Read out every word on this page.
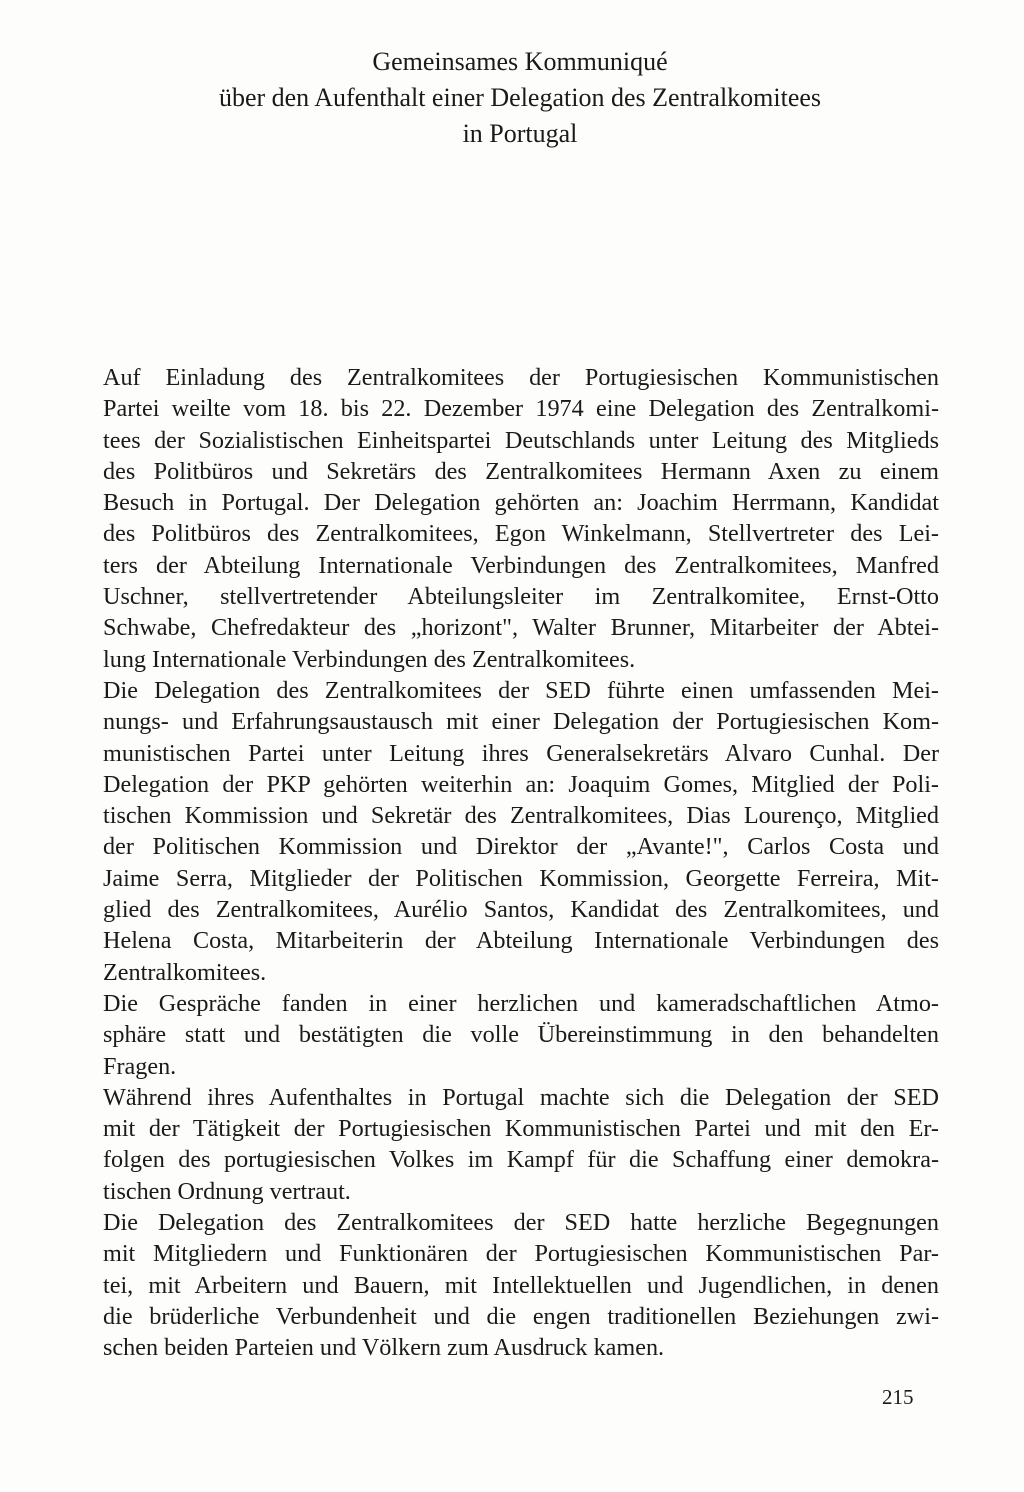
Gemeinsames Kommuniqué

über den Aufenthalt einer Delegation des Zentralkomitees

in Portugal

Auf Einladung des Zentralkomitees der Portugiesischen Kommunistischen
Partei weilte vom 18. bis 22. Dezember 1974 eine Delegation des Zentralkomi-
tees der Sozialistischen Einheitspartei Deutschlands unter Leitung des Mitglieds
des Politbüros und Sekretärs des Zentralkomitees Hermann Axen zu einem
Besuch in Portugal. Der Delegation gehörten an: Joachim Herrmann, Kandidat
des Politbüros des Zentralkomitees, Egon Winkelmann, Stellvertreter des Lei-
ters der Abteilung Internationale Verbindungen des Zentralkomitees, Manfred
Uschner, stellvertretender Abteilungsleiter im Zentralkomitee, Ernst-Otto
Schwabe, Chefredakteur des „horizont", Walter Brunner, Mitarbeiter der Abtei-
lung Internationale Verbindungen des Zentralkomitees.

Die Delegation des Zentralkomitees der SED führte einen umfassenden Mei-
nungs- und Erfahrungsaustausch mit einer Delegation der Portugiesischen Kom-
munistischen Partei unter Leitung ihres Generalsekretärs Alvaro Cunhal. Der
Delegation der PKP gehörten weiterhin an: Joaquim Gomes, Mitglied der Poli-
tischen Kommission und Sekretär des Zentralkomitees, Dias Lourenço, Mitglied
der Politischen Kommission und Direktor der „Avante!", Carlos Costa und
Jaime Serra, Mitglieder der Politischen Kommission, Georgette Ferreira, Mit-
glied des Zentralkomitees, Aurélio Santos, Kandidat des Zentralkomitees, und
Helena Costa, Mitarbeiterin der Abteilung Internationale Verbindungen des
Zentralkomitees.

Die Gespräche fanden in einer herzlichen und kameradschaftlichen Atmo-
sphäre statt und bestätigten die volle Übereinstimmung in den behandelten
Fragen.

Während ihres Aufenthaltes in Portugal machte sich die Delegation der SED
mit der Tätigkeit der Portugiesischen Kommunistischen Partei und mit den Er-
folgen des portugiesischen Volkes im Kampf für die Schaffung einer demokra-
tischen Ordnung vertraut.

Die Delegation des Zentralkomitees der SED hatte herzliche Begegnungen
mit Mitgliedern und Funktionären der Portugiesischen Kommunistischen Par-
tei, mit Arbeitern und Bauern, mit Intellektuellen und Jugendlichen, in denen
die brüderliche Verbundenheit und die engen traditionellen Beziehungen zwi-
schen beiden Parteien und Völkern zum Ausdruck kamen.

215
